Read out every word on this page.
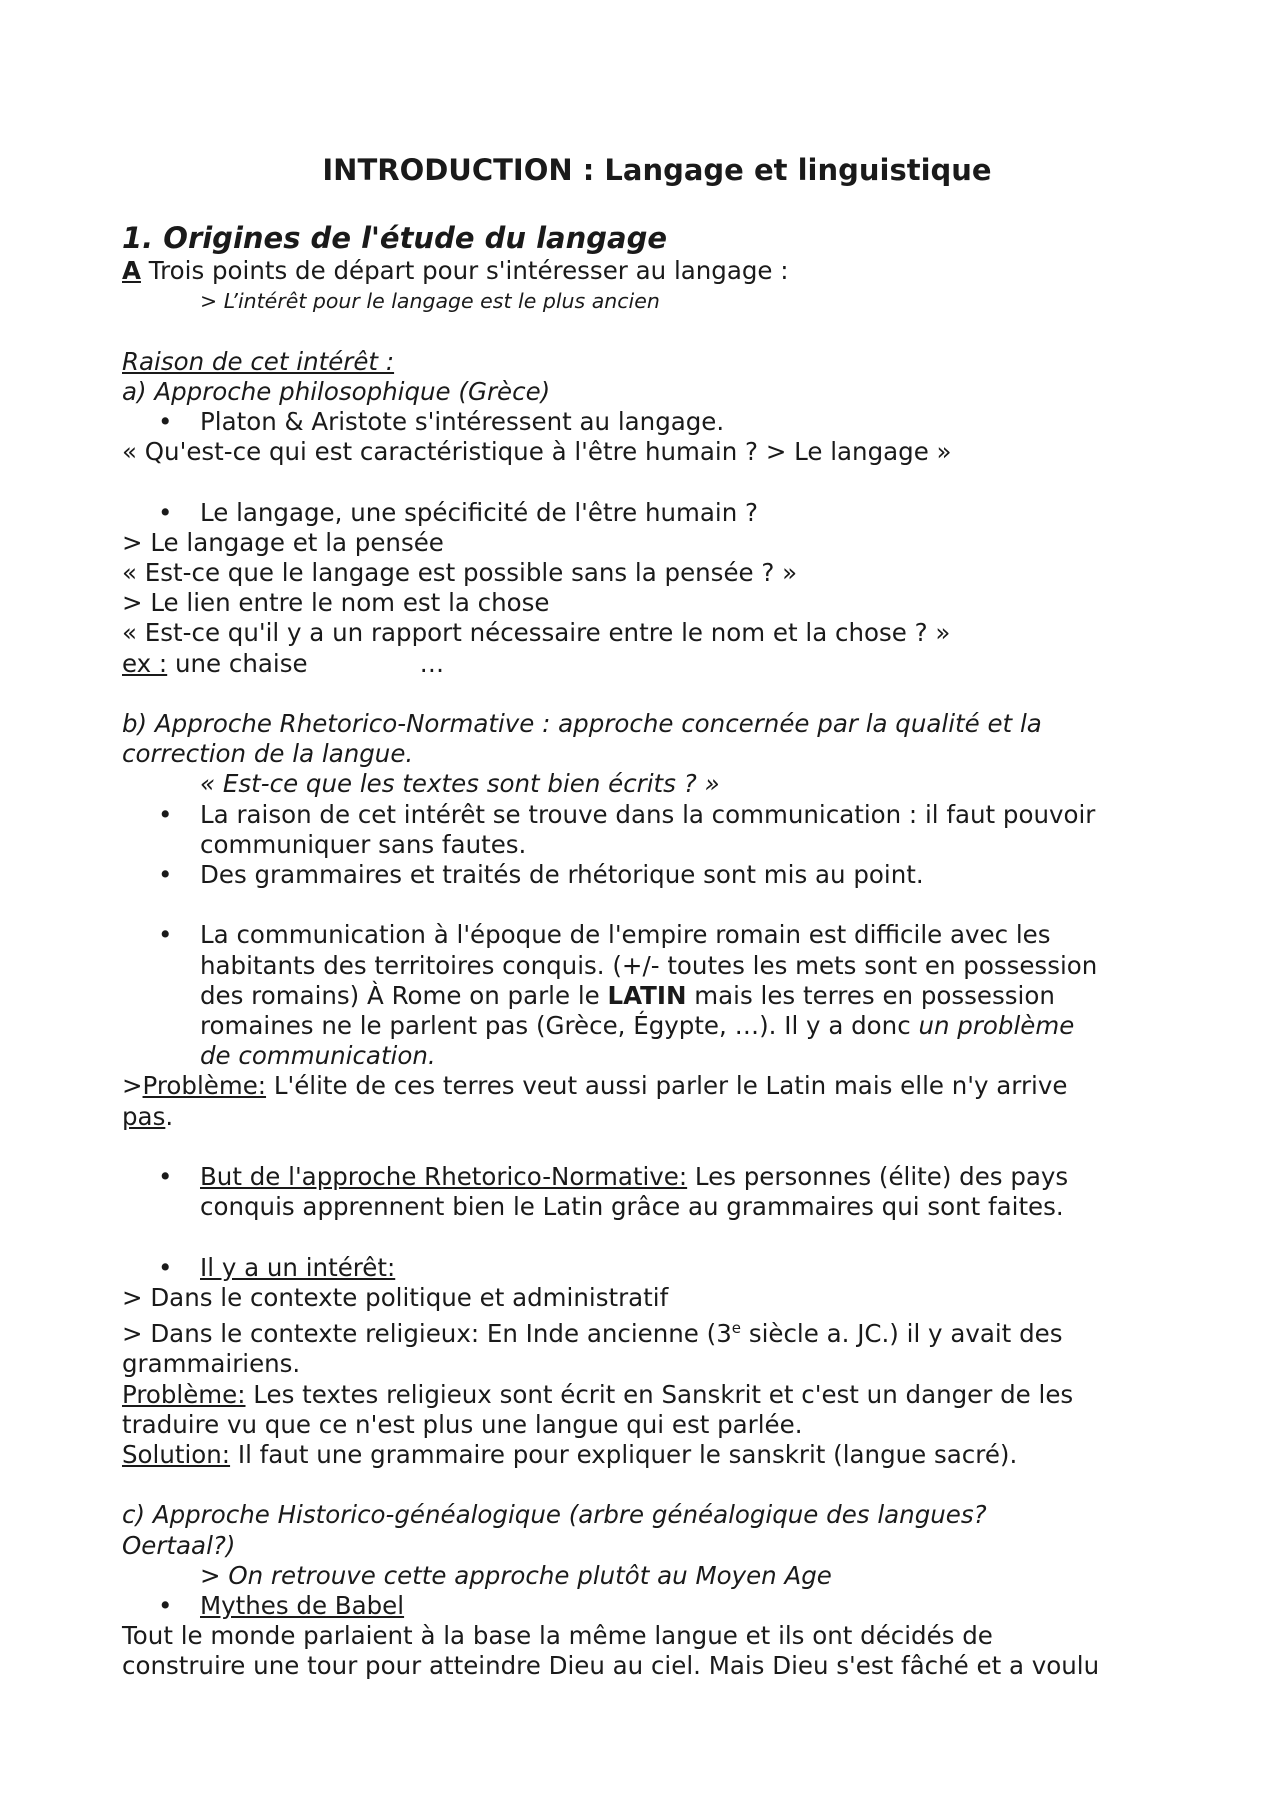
INTRODUCTION : Langage et linguistique
1. Origines de l'étude du langage
A Trois points de départ pour s'intéresser au langage :
> L’intérêt pour le langage est le plus ancien
Raison de cet intérêt :
a) Approche philosophique (Grèce)
• Platon & Aristote s'intéressent au langage.
« Qu'est-ce qui est caractéristique à l'être humain ? > Le langage »
• Le langage, une spécificité de l'être humain ?
> Le langage et la pensée
« Est-ce que le langage est possible sans la pensée ? »
> Le lien entre le nom est la chose
« Est-ce qu'il y a un rapport nécessaire entre le nom et la chose ? »
ex : une chaise	…
b) Approche Rhetorico-Normative : approche concernée par la qualité et la
correction de la langue.
« Est-ce que les textes sont bien écrits ? »
• La raison de cet intérêt se trouve dans la communication : il faut pouvoir
communiquer sans fautes.
• Des grammaires et traités de rhétorique sont mis au point.
• La communication à l'époque de l'empire romain est difficile avec les
habitants des territoires conquis. (+/- toutes les mets sont en possession
des romains) À Rome on parle le LATIN mais les terres en possession
romaines ne le parlent pas (Grèce, Égypte, …). Il y a donc un problème
de communication.
>Problème: L'élite de ces terres veut aussi parler le Latin mais elle n'y arrive
pas.
• But de l'approche Rhetorico-Normative: Les personnes (élite) des pays
conquis apprennent bien le Latin grâce au grammaires qui sont faites.
• Il y a un intérêt:
> Dans le contexte politique et administratif
> Dans le contexte religieux: En Inde ancienne (3e siècle a. JC.) il y avait des
grammairiens.
Problème: Les textes religieux sont écrit en Sanskrit et c'est un danger de les
traduire vu que ce n'est plus une langue qui est parlée.
Solution: Il faut une grammaire pour expliquer le sanskrit (langue sacré).
c) Approche Historico-généalogique (arbre généalogique des langues?
Oertaal?)
> On retrouve cette approche plutôt au Moyen Age
• Mythes de Babel
Tout le monde parlaient à la base la même langue et ils ont décidés de
construire une tour pour atteindre Dieu au ciel. Mais Dieu s'est fâché et a voulu
